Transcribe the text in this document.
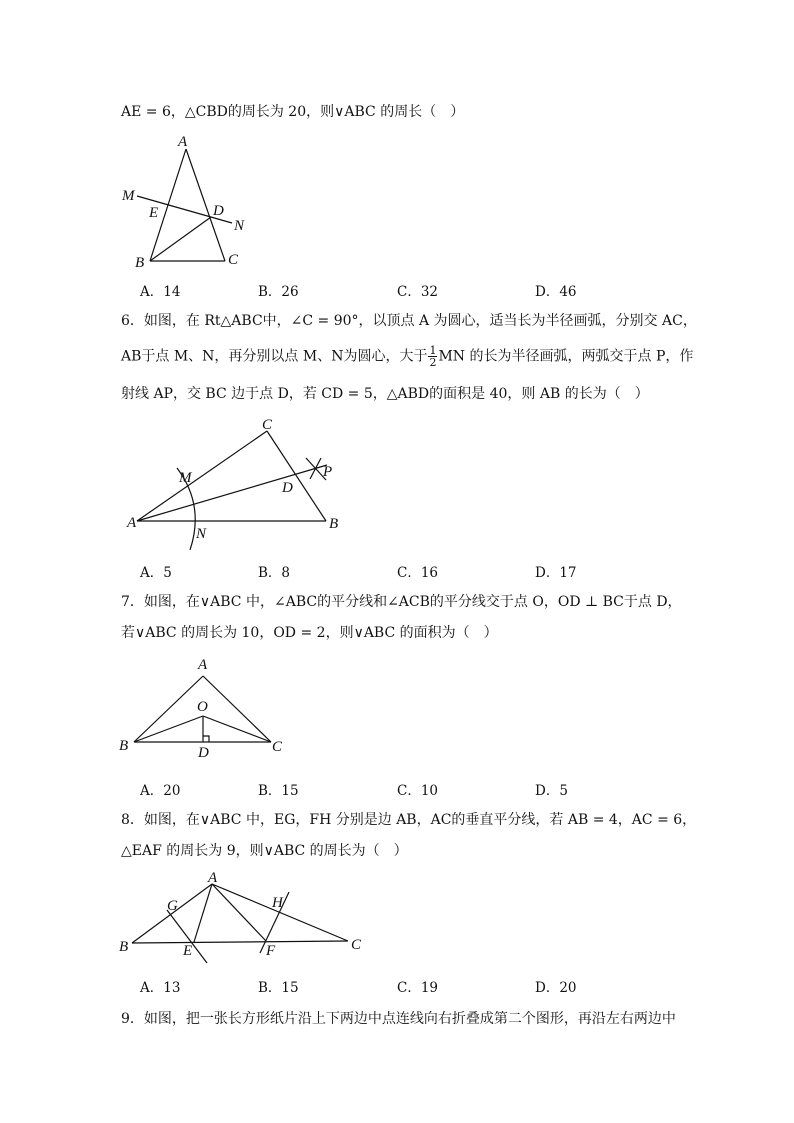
AE = 6，△CBD的周长为 20，则∨ABC 的周长（　）
A
B	C
D
E
M
N
A．14	B．26	C．32	D．46
6．如图，在 Rt△ABC中，∠C = 90°，以顶点 A 为圆心，适当长为半径画弧，分别交 AC，
AB于点 M、N，再分别以点 M、N为圆心，大于 $\frac{1}{2}$ MN 的长为半径画弧，两弧交于点 P，作
射线 AP，交 BC 边于点 D，若 CD = 5，△ABD的面积是 40，则 AB 的长为（　）
A	B
C
D
M
N
P
A．5	B．8	C．16	D．17
7．如图，在∨ABC 中，∠ABC的平分线和∠ACB的平分线交于点 O，OD ⊥ BC于点 D，
若∨ABC 的周长为 10，OD = 2，则∨ABC 的面积为（　）
A
B	C
D
O
A．20	B．15	C．10	D．5
8．如图，在∨ABC 中，EG，FH 分别是边 AB，AC的垂直平分线，若 AB = 4，AC = 6，
△EAF 的周长为 9，则∨ABC 的周长为（　）
A
B	C
E	F
G	H
A．13	B．15	C．19	D．20
9．如图，把一张长方形纸片沿上下两边中点连线向右折叠成第二个图形，再沿左右两边中
